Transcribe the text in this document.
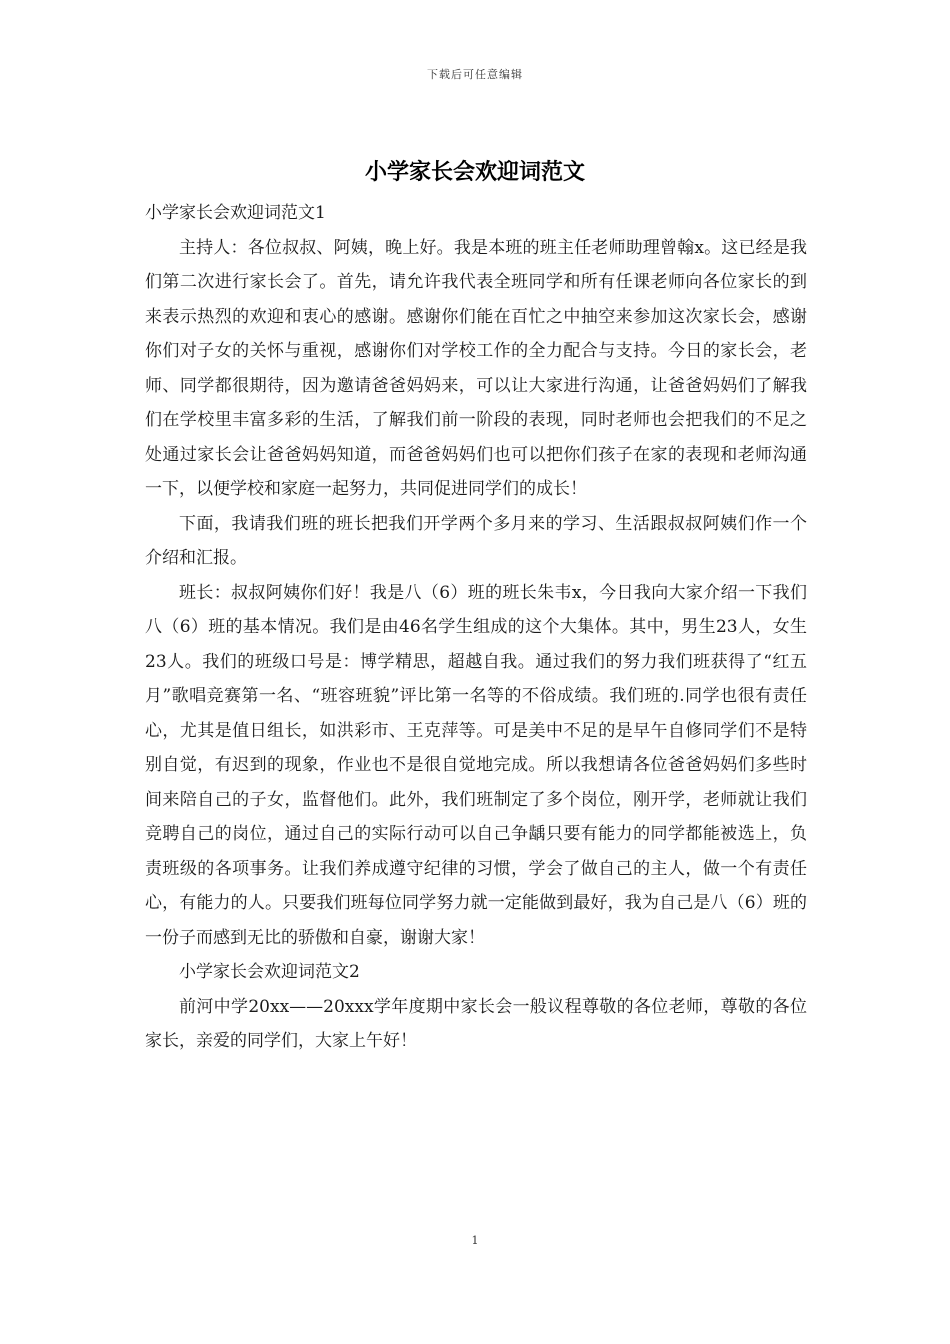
下载后可任意编辑
小学家长会欢迎词范文

小学家长会欢迎词范文1

主持人：各位叔叔、阿姨，晚上好。我是本班的班主任老师助理曾翰x。这已经是我们第二次进行家长会了。首先，请允许我代表全班同学和所有任课老师向各位家长的到来表示热烈的欢迎和衷心的感谢。感谢你们能在百忙之中抽空来参加这次家长会，感谢你们对子女的关怀与重视，感谢你们对学校工作的全力配合与支持。今日的家长会，老师、同学都很期待，因为邀请爸爸妈妈来，可以让大家进行沟通，让爸爸妈妈们了解我们在学校里丰富多彩的生活，了解我们前一阶段的表现，同时老师也会把我们的不足之处通过家长会让爸爸妈妈知道，而爸爸妈妈们也可以把你们孩子在家的表现和老师沟通一下，以便学校和家庭一起努力，共同促进同学们的成长！

下面，我请我们班的班长把我们开学两个多月来的学习、生活跟叔叔阿姨们作一个介绍和汇报。

班长：叔叔阿姨你们好！我是八（6）班的班长朱韦x，今日我向大家介绍一下我们八（6）班的基本情况。我们是由46名学生组成的这个大集体。其中，男生23人，女生23人。我们的班级口号是：博学精思，超越自我。通过我们的努力我们班获得了“红五月”歌唱竞赛第一名、“班容班貌”评比第一名等的不俗成绩。我们班的.同学也很有责任心，尤其是值日组长，如洪彩市、王克萍等。可是美中不足的是早午自修同学们不是特别自觉，有迟到的现象，作业也不是很自觉地完成。所以我想请各位爸爸妈妈们多些时间来陪自己的子女，监督他们。此外，我们班制定了多个岗位，刚开学，老师就让我们竞聘自己的岗位，通过自己的实际行动可以自己争龋只要有能力的同学都能被选上，负责班级的各项事务。让我们养成遵守纪律的习惯，学会了做自己的主人，做一个有责任心，有能力的人。只要我们班每位同学努力就一定能做到最好，我为自己是八（6）班的一份子而感到无比的骄傲和自豪，谢谢大家！

小学家长会欢迎词范文2

前河中学20xx——20xxx学年度期中家长会一般议程尊敬的各位老师，尊敬的各位家长，亲爱的同学们，大家上午好！

1
